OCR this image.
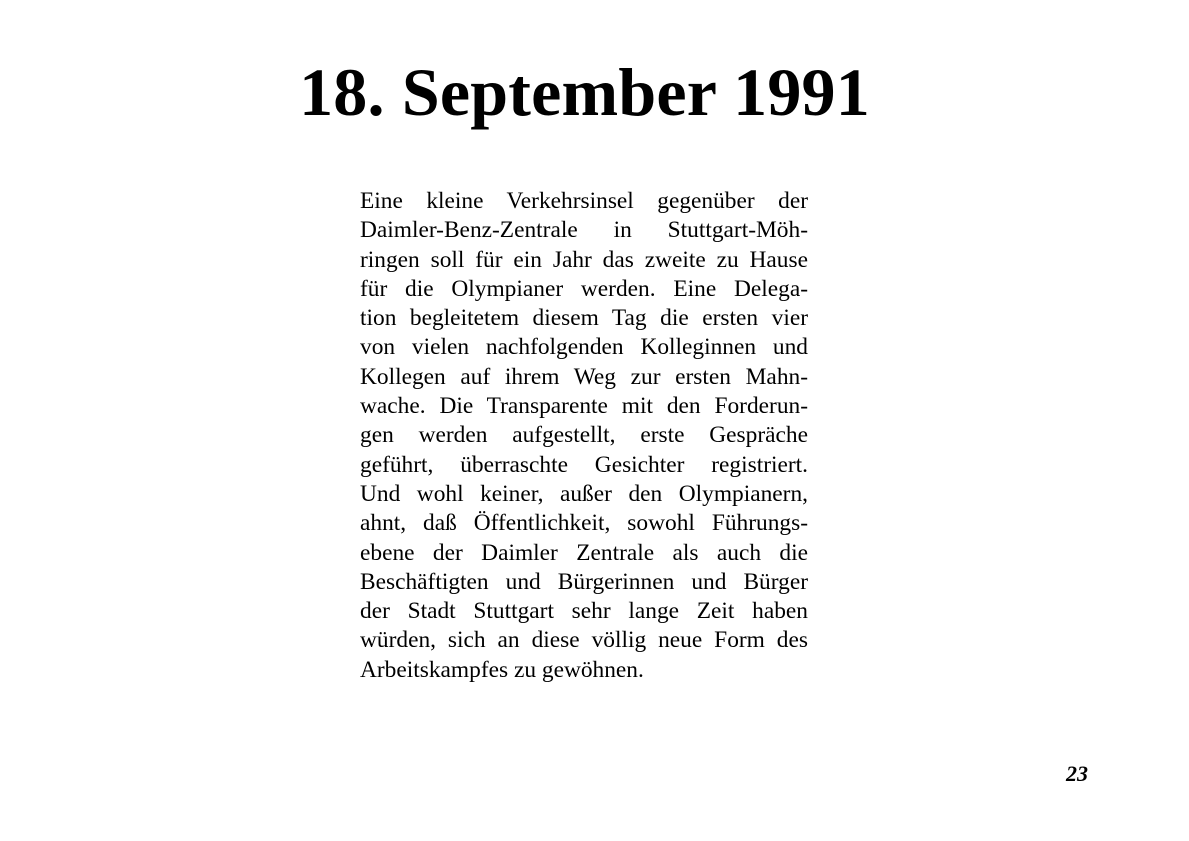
18. September 1991
Eine kleine Verkehrsinsel gegenüber der
Daimler-Benz-Zentrale in Stuttgart-Möh-
ringen soll für ein Jahr das zweite zu Hause
für die Olympianer werden. Eine Delega-
tion begleitetem diesem Tag die ersten vier
von vielen nachfolgenden Kolleginnen und
Kollegen auf ihrem Weg zur ersten Mahn-
wache. Die Transparente mit den Forderun-
gen werden aufgestellt, erste Gespräche
geführt, überraschte Gesichter registriert.
Und wohl keiner, außer den Olympianern,
ahnt, daß Öffentlichkeit, sowohl Führungs-
ebene der Daimler Zentrale als auch die
Beschäftigten und Bürgerinnen und Bürger
der Stadt Stuttgart sehr lange Zeit haben
würden, sich an diese völlig neue Form des
Arbeitskampfes zu gewöhnen.
23
